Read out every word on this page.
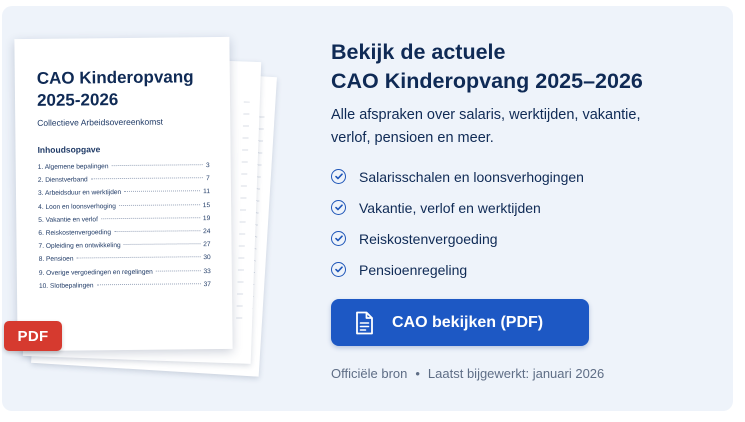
CAO Kinderopvang 2025-2026
Collectieve Arbeidsovereenkomst
Inhoudsopgave
1. Algemene bepalingen	3
2. Dienstverband	7
3. Arbeidsduur en werktijden	11
4. Loon en loonsverhoging	15
5. Vakantie en verlof	19
6. Reiskostenvergoeding	24
7. Opleiding en ontwikkeling	27
8. Pensioen	30
9. Overige vergoedingen en regelingen	33
10. Slotbepalingen	37
PDF
Bekijk de actuele
CAO Kinderopvang 2025–2026
Alle afspraken over salaris, werktijden, vakantie, verlof, pensioen en meer.
Salarisschalen en loonsverhogingen
Vakantie, verlof en werktijden
Reiskostenvergoeding
Pensioenregeling
CAO bekijken (PDF)
Officiële bron • Laatst bijgewerkt: januari 2026
